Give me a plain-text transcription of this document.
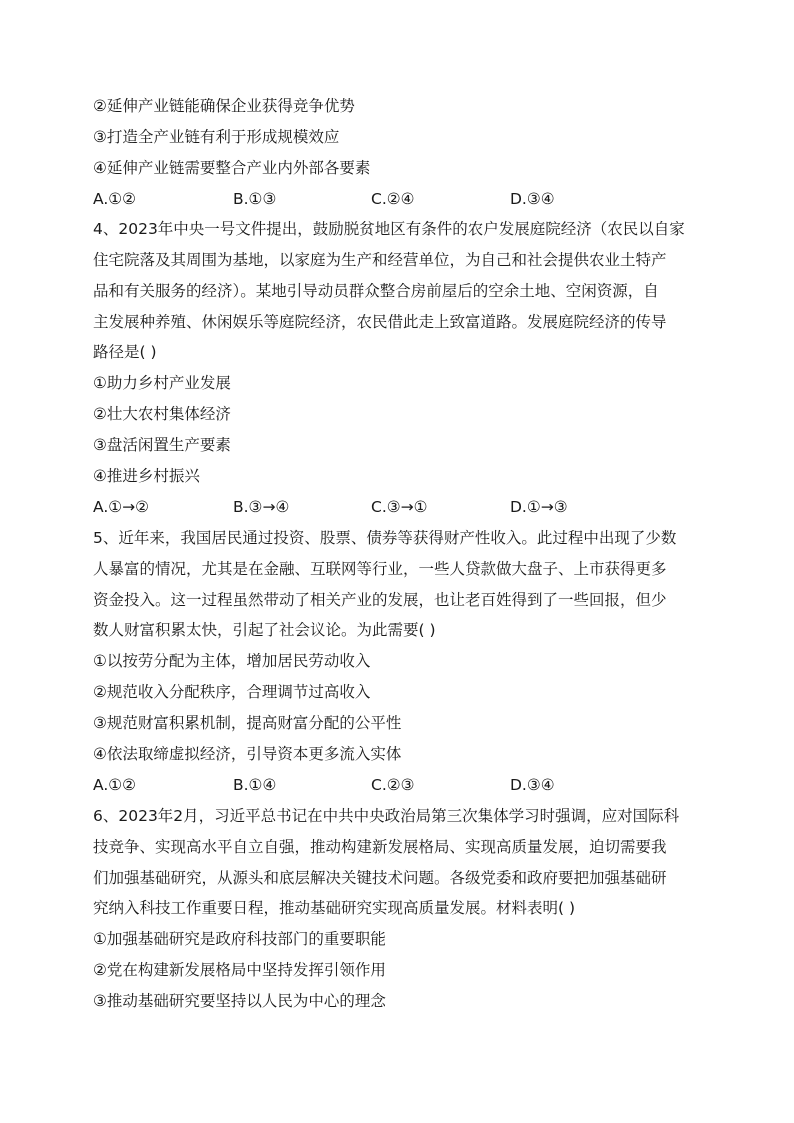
②延伸产业链能确保企业获得竞争优势
③打造全产业链有利于形成规模效应
④延伸产业链需要整合产业内外部各要素
A.①②	B.①③	C.②④	D.③④
4、2023年中央一号文件提出，鼓励脱贫地区有条件的农户发展庭院经济（农民以自家
住宅院落及其周围为基地，以家庭为生产和经营单位，为自己和社会提供农业土特产
品和有关服务的经济）。某地引导动员群众整合房前屋后的空余土地、空闲资源，自
主发展种养殖、休闲娱乐等庭院经济，农民借此走上致富道路。发展庭院经济的传导
路径是( )
①助力乡村产业发展
②壮大农村集体经济
③盘活闲置生产要素
④推进乡村振兴
A.①→②	B.③→④	C.③→①	D.①→③
5、近年来，我国居民通过投资、股票、债券等获得财产性收入。此过程中出现了少数
人暴富的情况，尤其是在金融、互联网等行业，一些人贷款做大盘子、上市获得更多
资金投入。这一过程虽然带动了相关产业的发展，也让老百姓得到了一些回报，但少
数人财富积累太快，引起了社会议论。为此需要( )
①以按劳分配为主体，增加居民劳动收入
②规范收入分配秩序，合理调节过高收入
③规范财富积累机制，提高财富分配的公平性
④依法取缔虚拟经济，引导资本更多流入实体
A.①②	B.①④	C.②③	D.③④
6、2023年2月，习近平总书记在中共中央政治局第三次集体学习时强调，应对国际科
技竞争、实现高水平自立自强，推动构建新发展格局、实现高质量发展，迫切需要我
们加强基础研究，从源头和底层解决关键技术问题。各级党委和政府要把加强基础研
究纳入科技工作重要日程，推动基础研究实现高质量发展。材料表明( )
①加强基础研究是政府科技部门的重要职能
②党在构建新发展格局中坚持发挥引领作用
③推动基础研究要坚持以人民为中心的理念
